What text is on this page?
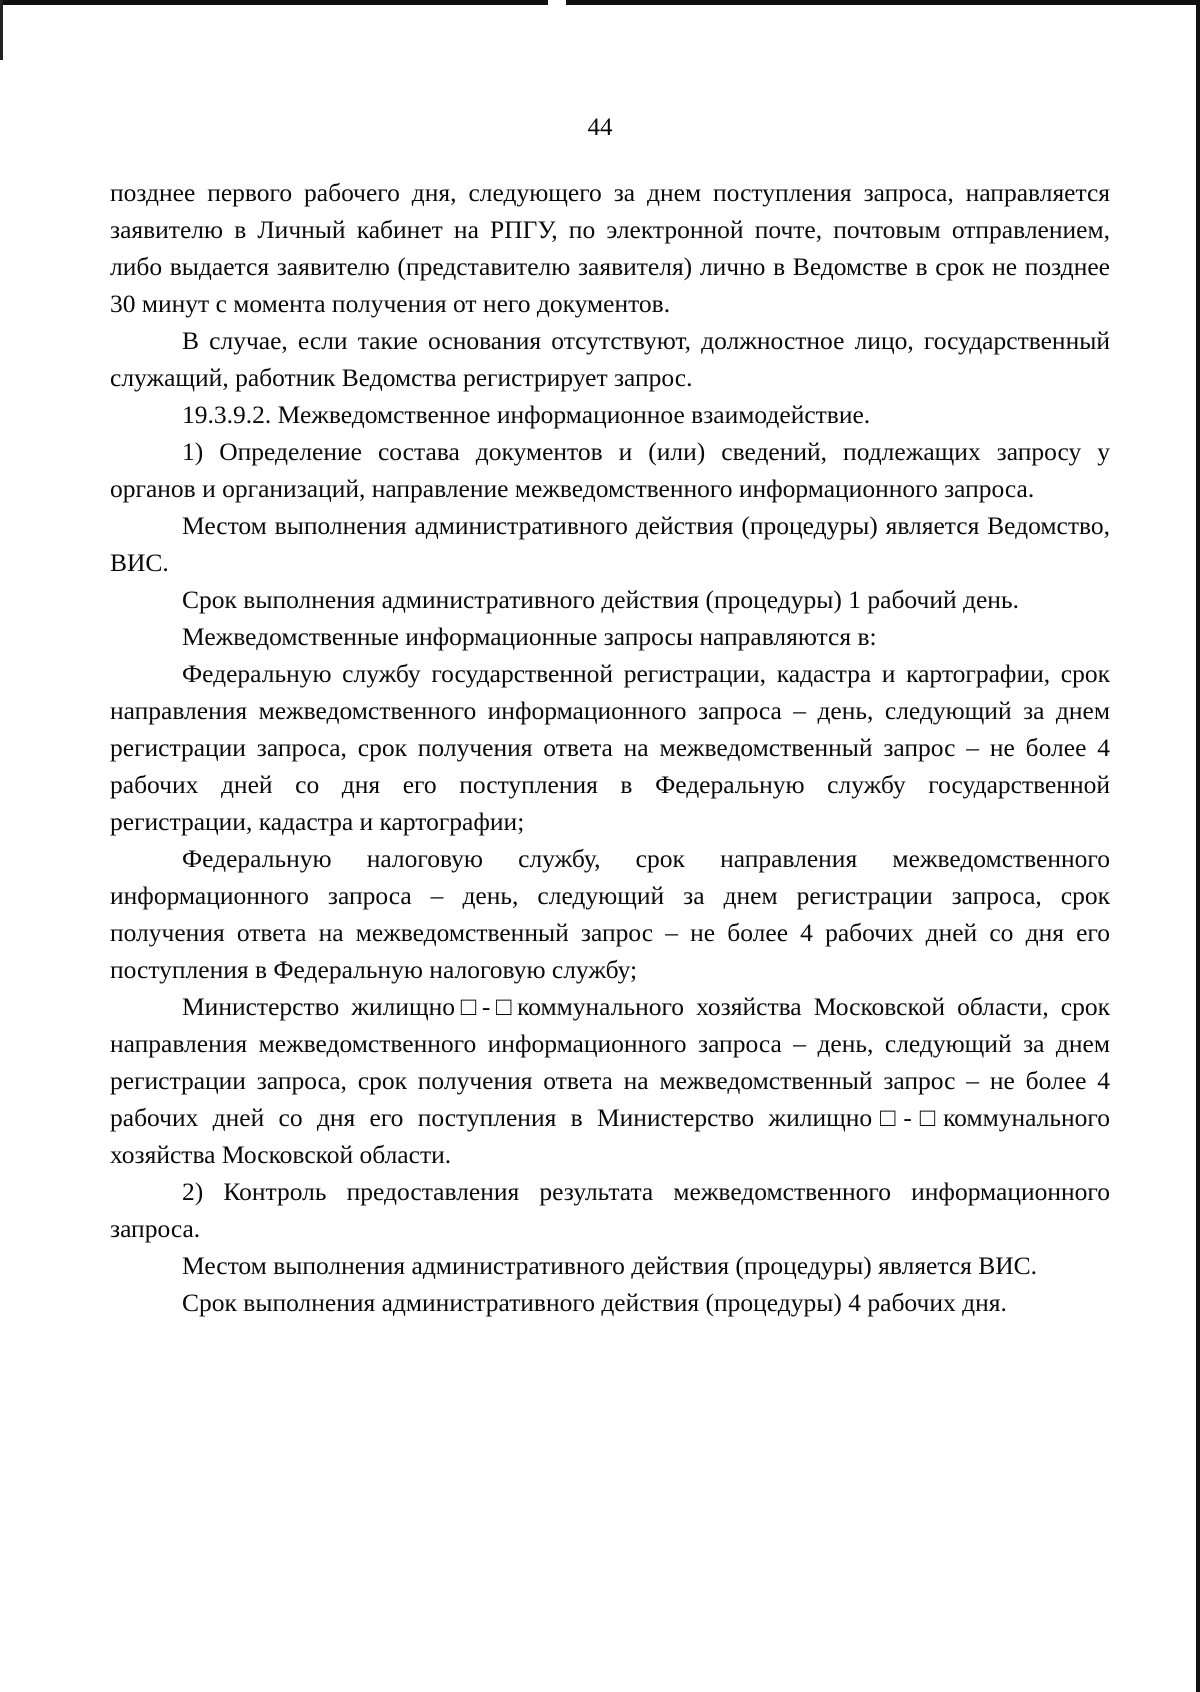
44

позднее первого рабочего дня, следующего за днем поступления запроса, направляется заявителю в Личный кабинет на РПГУ, по электронной почте, почтовым отправлением, либо выдается заявителю (представителю заявителя) лично в Ведомстве в срок не позднее 30 минут с момента получения от него документов.

В случае, если такие основания отсутствуют, должностное лицо, государственный служащий, работник Ведомства регистрирует запрос.

19.3.9.2. Межведомственное информационное взаимодействие.

1) Определение состава документов и (или) сведений, подлежащих запросу у органов и организаций, направление межведомственного информационного запроса.

Местом выполнения административного действия (процедуры) является Ведомство, ВИС.

Срок выполнения административного действия (процедуры) 1 рабочий день.

Межведомственные информационные запросы направляются в:

Федеральную службу государственной регистрации, кадастра и картографии, срок направления межведомственного информационного запроса – день, следующий за днем регистрации запроса, срок получения ответа на межведомственный запрос – не более 4 рабочих дней со дня его поступления в Федеральную службу государственной регистрации, кадастра и картографии;

Федеральную налоговую службу, срок направления межведомственного информационного запроса – день, следующий за днем регистрации запроса, срок получения ответа на межведомственный запрос – не более 4 рабочих дней со дня его поступления в Федеральную налоговую службу;

Министерство жилищно□-□коммунального хозяйства Московской области, срок направления межведомственного информационного запроса – день, следующий за днем регистрации запроса, срок получения ответа на межведомственный запрос – не более 4 рабочих дней со дня его поступления в Министерство жилищно□-□коммунального хозяйства Московской области.

2) Контроль предоставления результата межведомственного информационного запроса.

Местом выполнения административного действия (процедуры) является ВИС.

Срок выполнения административного действия (процедуры) 4 рабочих дня.
